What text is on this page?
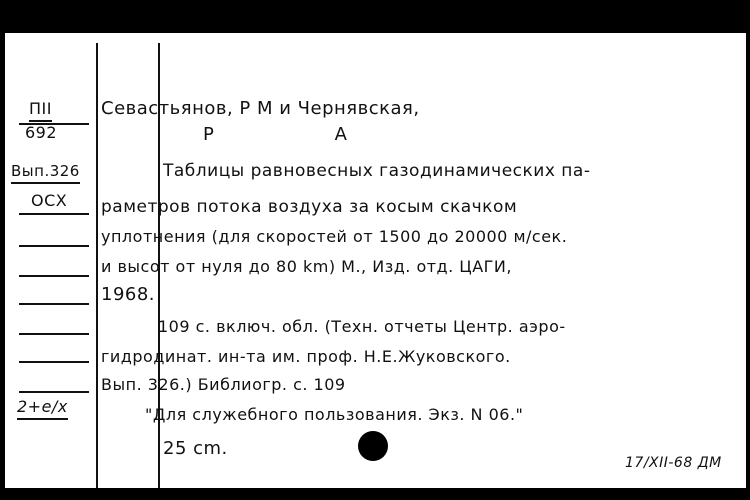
ПII
692
Вып.326
OCX
2+е/х
Севастьянов, Р М и Чернявская,
Р А
Таблицы равновесных газодинамических па-
раметров потока воздуха за косым скачком
уплотнения (для скоростей от 1500 до 20000 м/сек.
и высот от нуля до 80 km) М., Изд. отд. ЦАГИ,
1968.
109 с. включ. обл. (Техн. отчеты Центр. аэро-
гидродинат. ин-та им. проф. Н.Е.Жуковского.
Вып. 326.) Библиогр. с. 109
"Для служебного пользования. Экз. N 06."
25 cm.
17/XII-68 ДМ
